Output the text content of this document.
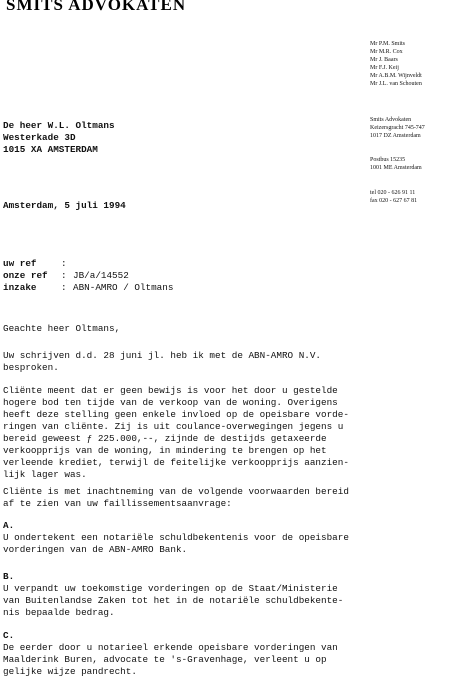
SMITS ADVOKATEN
Mr P.M. Smits
Mr M.R. Cox
Mr J. Baars
Mr F.J. Keij
Mr A.B.M. Wijnveldt
Mr J.L. van Schouten
Smits Advokaten
Keizersgracht 745-747
1017 DZ Amsterdam
Postbus 15235
1001 ME Amsterdam
tel 020 - 626 91 11
fax 020 - 627 67 81
De heer W.L. Oltmans
Westerkade 3D
1015 XA AMSTERDAM
Amsterdam, 5 juli 1994
uw ref	:
onze ref : JB/a/14552
inzake	: ABN-AMRO / Oltmans
Geachte heer Oltmans,
Uw schrijven d.d. 28 juni jl. heb ik met de ABN-AMRO N.V.
besproken.
Cliënte meent dat er geen bewijs is voor het door u gestelde
hogere bod ten tijde van de verkoop van de woning. Overigens
heeft deze stelling geen enkele invloed op de opeisbare vorde-
ringen van cliënte. Zij is uit coulance-overwegingen jegens u
bereid geweest ƒ 225.000,--, zijnde de destijds getaxeerde
verkoopprijs van de woning, in mindering te brengen op het
verleende krediet, terwijl de feitelijke verkoopprijs aanzien-
lijk lager was.
Cliënte is met inachtneming van de volgende voorwaarden bereid
af te zien van uw faillissementsaanvrage:
A.
U ondertekent een notariële schuldbekentenis voor de opeisbare
vorderingen van de ABN-AMRO Bank.
B.
U verpandt uw toekomstige vorderingen op de Staat/Ministerie
van Buitenlandse Zaken tot het in de notariële schuldbekente-
nis bepaalde bedrag.
C.
De eerder door u notarieel erkende opeisbare vorderingen van
Maalderink Buren, advocate te 's-Gravenhage, verleent u op
gelijke wijze pandrecht.
